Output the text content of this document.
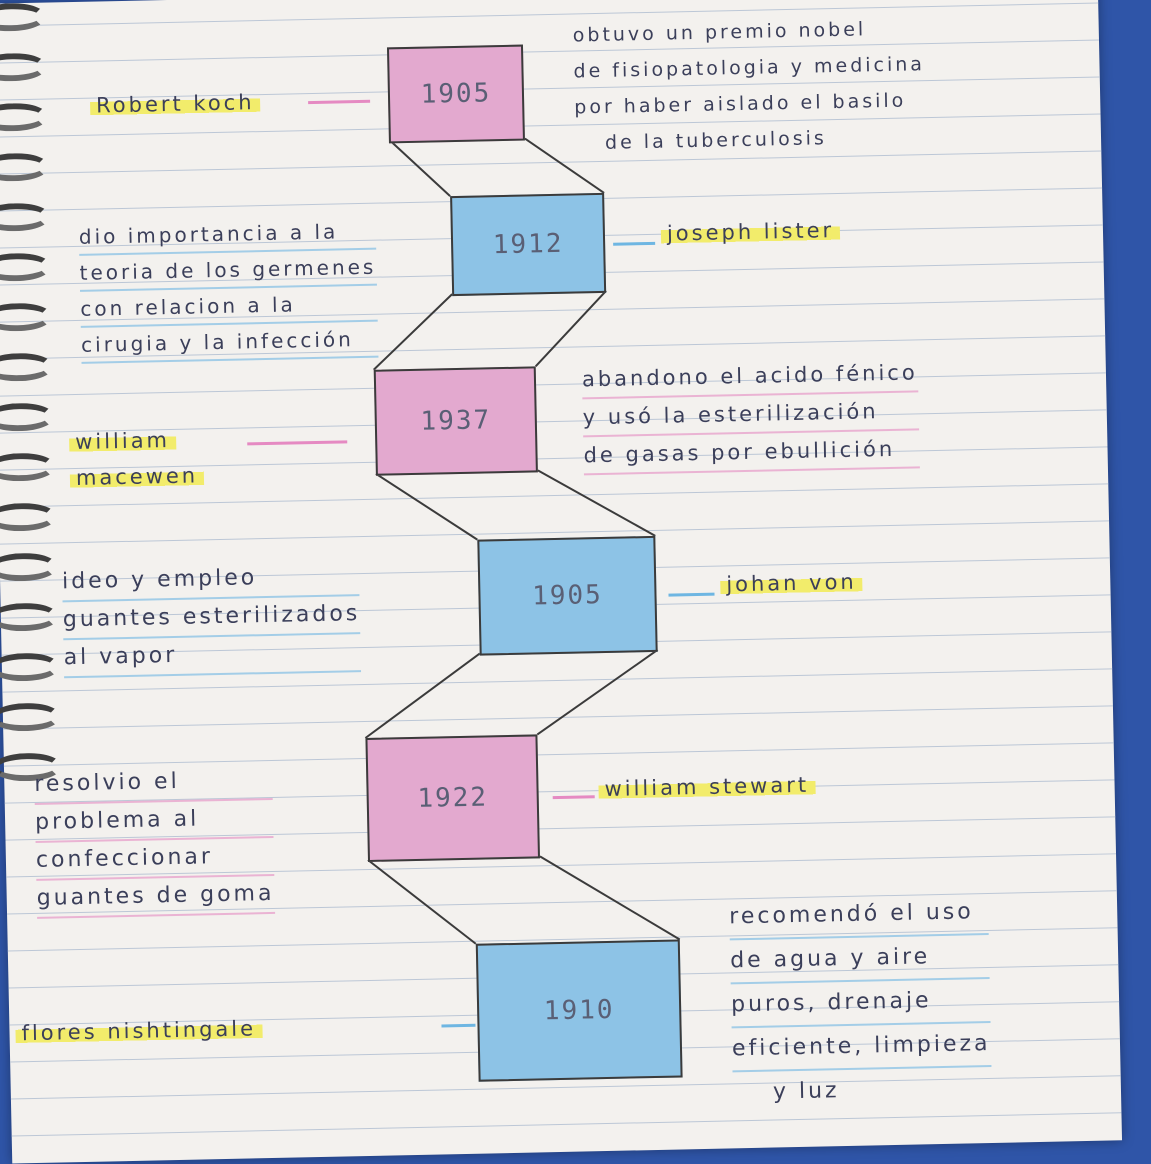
1905
1912
1937
1905
1922
1910
Robert koch
obtuvo un premio nobel
de fisiopatologia y medicina
por haber aislado el basilo
de la tuberculosis
dio importancia a la
teoria de los germenes
con relacion a la
cirugia y la infección
joseph lister
william
macewen
abandono el acido fénico
y usó la esterilización
de gasas por ebullición
ideo y empleo
guantes esterilizados
al vapor
johan von
resolvio el
problema al
confeccionar
guantes de goma
william stewart
flores nishtingale
recomendó el uso
de agua y aire
puros, drenaje
eficiente, limpieza
y luz
